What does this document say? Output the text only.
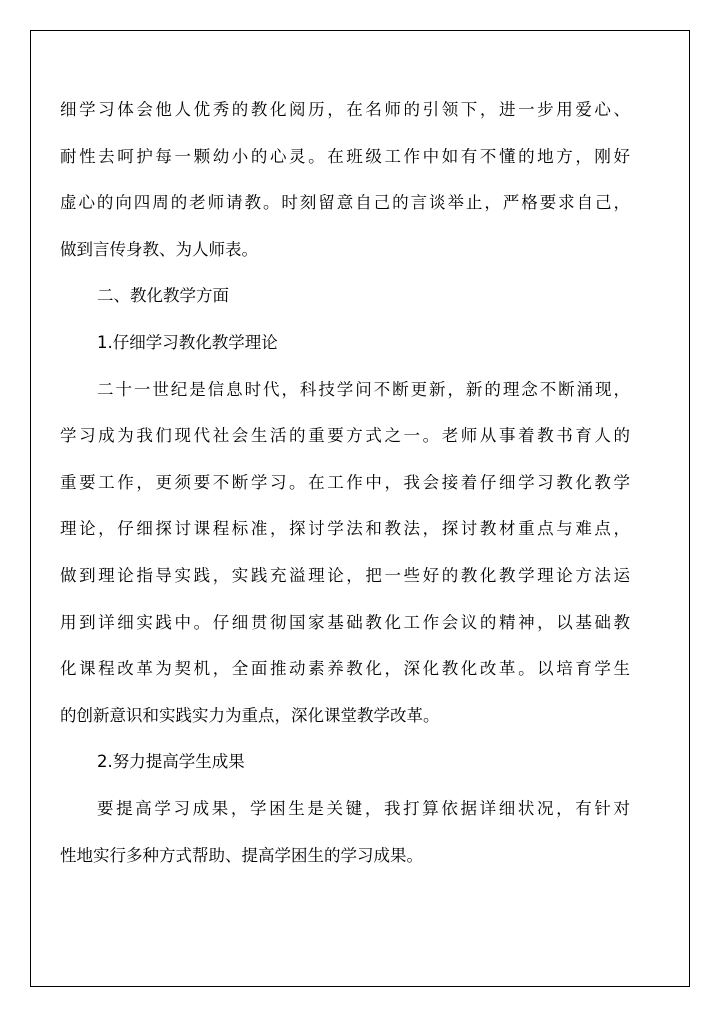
细学习体会他人优秀的教化阅历，在名师的引领下，进一步用爱心、
耐性去呵护每一颗幼小的心灵。在班级工作中如有不懂的地方，刚好
虚心的向四周的老师请教。时刻留意自己的言谈举止，严格要求自己，
做到言传身教、为人师表。
二、教化教学方面
1.仔细学习教化教学理论
二十一世纪是信息时代，科技学问不断更新，新的理念不断涌现，
学习成为我们现代社会生活的重要方式之一。老师从事着教书育人的
重要工作，更须要不断学习。在工作中，我会接着仔细学习教化教学
理论，仔细探讨课程标准，探讨学法和教法，探讨教材重点与难点，
做到理论指导实践，实践充溢理论，把一些好的教化教学理论方法运
用到详细实践中。仔细贯彻国家基础教化工作会议的精神，以基础教
化课程改革为契机，全面推动素养教化，深化教化改革。以培育学生
的创新意识和实践实力为重点，深化课堂教学改革。
2.努力提高学生成果
要提高学习成果，学困生是关键，我打算依据详细状况，有针对
性地实行多种方式帮助、提高学困生的学习成果。
